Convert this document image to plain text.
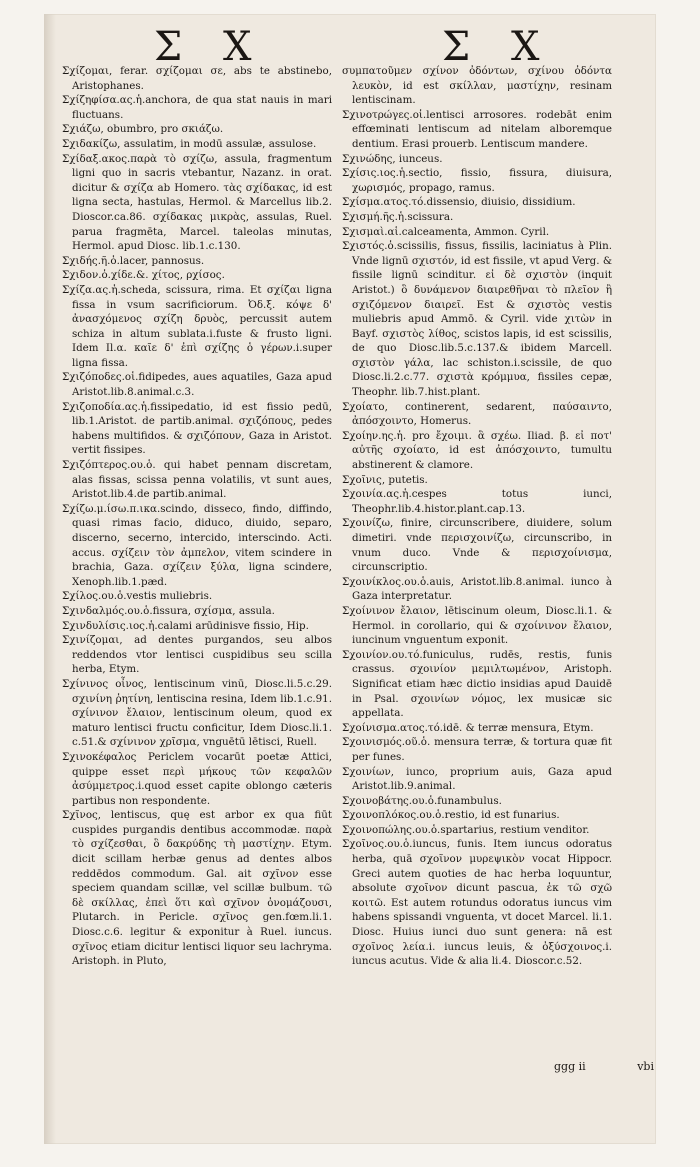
Σ Χ	Σ Χ

Σχίζομαι, ferar. σχίζομαι σε, abs te abstinebo, Aristophanes.

Σχίζηφίσα.ας.ἡ.anchora, de qua stat nauis in mari fluctuans.

Σχιάζω, obumbro, pro σκιάζω.

Σχιδακίζω, assulatim, in modū assulæ, assulose.

Σχίδαξ.ακος.παρὰ τὸ σχίζω, assula, fragmentum ligni quo in sacris vtebantur, Nazanz. in orat. dicitur & σχίζα ab Homero. τὰς σχίδακας, id est ligna secta, hastulas, Hermol. & Marcellus lib.2. Dioscor.ca.86. σχίδακας μικρὰς, assulas, Ruel. parua fragmēta, Marcel. taleolas minutas, Hermol. apud Diosc. lib.1.c.130.

Σχιδής.ῆ.ὁ.lacer, pannosus.

Σχιδον.ὁ.χίδε.&. χίτος, ρχίσος.

Σχίζα.ας.ἡ.scheda, scissura, rima. Et σχίζαι ligna fissa in vsum sacrificiorum. Ὀδ.ξ. κόψε δ' ἀνασχόμενος σχίζη δρυὸς, percussit autem schiza in altum sublata.i.fuste & frusto ligni. Idem Il.α. καῖε δ' ἐπὶ σχίζης ὁ γέρων.i.super ligna fissa.

Σχιζόποδες.οἱ.fidipedes, aues aquatiles, Gaza apud Aristot.lib.8.animal.c.3.

Σχιζοποδία.ας.ἡ.fissipedatio, id est fissio pedū, lib.1.Aristot. de partib.animal. σχιζόπους, pedes habens multifidos. & σχιζόπουν, Gaza in Aristot. vertit fissipes.

Σχιζόπτερος.ου.ὁ. qui habet pennam discretam, alas fissas, scissa penna volatilis, vt sunt aues, Aristot.lib.4.de partib.animal.

Σχίζω.μ.ίσω.π.ικα.scindo, disseco, findo, diffindo, quasi rimas facio, diduco, diuido, separo, discerno, secerno, intercido, interscindo. Acti. accus. σχίζειν τὸν ἀμπελον, vitem scindere in brachia, Gaza. σχίζειν ξύλα, ligna scindere, Xenoph.lib.1.pæd.

Σχίλος.ου.ὁ.vestis muliebris.

Σχινδαλμός.ου.ὁ.fissura, σχίσμα, assula.

Σχινδυλίσις.ιος.ἡ.calami arūdinisve fissio, Hip.

Σχινίζομαι, ad dentes purgandos, seu albos reddendos vtor lentisci cuspidibus seu scilla herba, Etym.

Σχίνινος οἶνος, lentiscinum vinū, Diosc.li.5.c.29. σχινίνη ῥητίνη, lentiscina resina, Idem lib.1.c.91. σχίνινον ἔλαιον, lentiscinum oleum, quod ex maturo lentisci fructu conficitur, Idem Diosc.li.1. c.51.& σχίνινον χρῖσμα, vnguētū lētisci, Ruell.

Σχινοκέφαλος Periclem vocarūt poetæ Attici, quippe esset περὶ μήκους τῶν κεφαλῶν ἀσύμμετρος.i.quod esset capite oblongo cæteris partibus non respondente.

Σχῖνος, lentiscus, quę est arbor ex qua fiūt cuspides purgandis dentibus accommodæ. παρὰ τὸ σχίζεσθαι, ὃ δακρύδης τὴ μαστίχην. Etym. dicit scillam herbæ genus ad dentes albos reddēdos commodum. Gal. ait σχῖνον esse speciem quandam scillæ, vel scillæ bulbum. τῶ δὲ σκίλλας, ἐπεὶ ὅτι καὶ σχῖνον ὀνομάζουσι, Plutarch. in Pericle. σχῖνος gen.fœm.li.1. Diosc.c.6. legitur & exponitur à Ruel. iuncus. σχῖνος etiam dicitur lentisci liquor seu lachryma. Aristoph. in Pluto,

συμπατοῦμεν σχίνον ὀδόντων, σχίνου ὀδόντα λευκὸν, id est σκίλλαν, μαστίχην, resinam lentiscinam.

Σχινοτρώγες.οἱ.lentisci arrosores. rodebāt enim effœminati lentiscum ad nitelam alboremque dentium. Erasi prouerb. Lentiscum mandere.

Σχινώδης, iunceus.

Σχίσις.ιος.ἡ.sectio, fissio, fissura, diuisura, χωρισμός, propago, ramus.

Σχίσμα.ατος.τό.dissensio, diuisio, dissidium.

Σχισμή.ῆς.ἡ.scissura.

Σχισμαὶ.αἱ.calceamenta, Ammon. Cyril.

Σχιστός.ὁ.scissilis, fissus, fissilis, laciniatus à Plin. Vnde lignū σχιστόν, id est fissile, vt apud Verg. & fissile lignū scinditur. εἰ δὲ σχιστὸν (inquit Aristot.) ὃ δυνάμενον διαιρεθῆναι τὸ πλεῖον ἢ σχιζόμενον διαιρεῖ. Est & σχιστὸς vestis muliebris apud Ammō. & Cyril. vide χιτὼν in Bayf. σχιστὸς λίθος, scistos lapis, id est scissilis, de quo Diosc.lib.5.c.137.& ibidem Marcell. σχιστὸν γάλα, lac schiston.i.scissile, de quo Diosc.li.2.c.77. σχιστὰ κρόμμυα, fissiles cepæ, Theophr. lib.7.hist.plant.

Σχοίατο, continerent, sedarent, παύσαιντο, ἀπόσχοιντο, Homerus.

Σχοίην.ης.ἡ. pro ἔχοιμι. ἃ σχέω. Iliad. β. εἰ ποτ' αὐτῆς σχοίατο, id est ἀπόσχοιντο, tumultu abstinerent & clamore.

Σχοῖνις, putetis.

Σχοινία.ας.ἡ.cespes totus iunci, Theophr.lib.4.histor.plant.cap.13.

Σχοινίζω, finire, circunscribere, diuidere, solum dimetiri. vnde περισχοινίζω, circunscribo, in vnum duco. Vnde & περισχοίνισμα, circunscriptio.

Σχοινίκλος.ου.ὁ.auis, Aristot.lib.8.animal. iunco à Gaza interpretatur.

Σχοίνινον ἔλαιον, lētiscinum oleum, Diosc.li.1. & Hermol. in corollario, qui & σχοίνινον ἔλαιον, iuncinum vnguentum exponit.

Σχοινίον.ου.τό.funiculus, rudēs, restis, funis crassus. σχοινίον μεμιλτωμένον, Aristoph. Significat etiam hæc dictio insidias apud Dauidē in Psal. σχοινίων νόμος, lex musicæ sic appellata.

Σχοίνισμα.ατος.τό.idē. & terræ mensura, Etym.

Σχοινισμός.οῦ.ὁ. mensura terræ, & tortura quæ fit per funes.

Σχοινίων, iunco, proprium auis, Gaza apud Aristot.lib.9.animal.

Σχοινοβάτης.ου.ὁ.funambulus.

Σχοινοπλόκος.ου.ὁ.restio, id est funarius.

Σχοινοπώλης.ου.ὁ.spartarius, restium venditor.

Σχοῖνος.ου.ὁ.iuncus, funis. Item iuncus odoratus herba, quā σχοῖνον μυρεψικὸν vocat Hippocr. Greci autem quoties de hac herba loquuntur, absolute σχοῖνον dicunt pascua, ἐκ τῶ σχῶ κοιτῶ. Est autem rotundus odoratus iuncus vim habens spissandi vnguenta, vt docet Marcel. li.1. Diosc. Huius iunci duo sunt genera: nā est σχοῖνος λεία.i. iuncus leuis, & ὀξύσχοινος.i. iuncus acutus. Vide & alia li.4. Dioscor.c.52.

ggg ii	vbi
